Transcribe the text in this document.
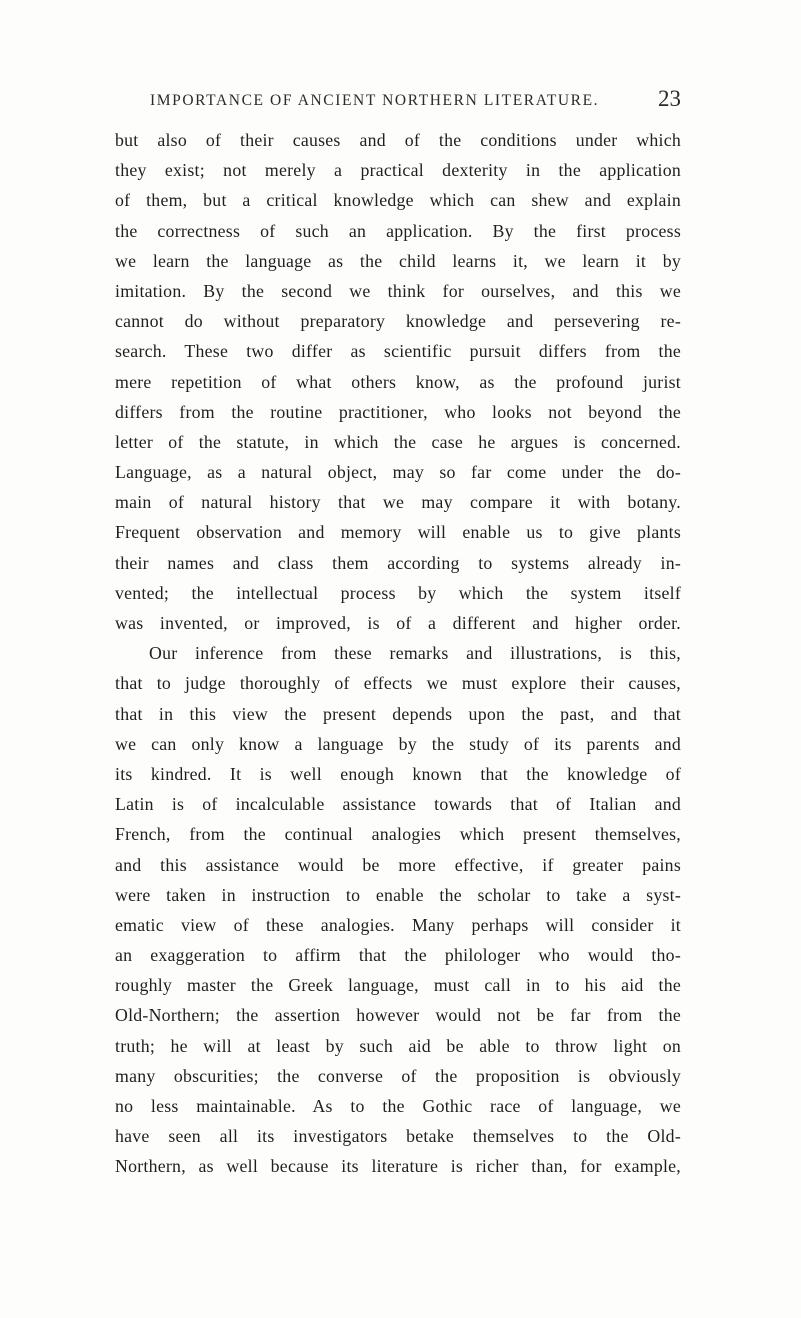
IMPORTANCE OF ANCIENT NORTHERN LITERATURE.	23
but also of their causes and of the conditions under which
they exist; not merely a practical dexterity in the application
of them, but a critical knowledge which can shew and explain
the correctness of such an application. By the first process
we learn the language as the child learns it, we learn it by
imitation. By the second we think for ourselves, and this we
cannot do without preparatory knowledge and persevering re-
search. These two differ as scientific pursuit differs from the
mere repetition of what others know, as the profound jurist
differs from the routine practitioner, who looks not beyond the
letter of the statute, in which the case he argues is concerned.
Language, as a natural object, may so far come under the do-
main of natural history that we may compare it with botany.
Frequent observation and memory will enable us to give plants
their names and class them according to systems already in-
vented; the intellectual process by which the system itself
was invented, or improved, is of a different and higher order.
Our inference from these remarks and illustrations, is this,
that to judge thoroughly of effects we must explore their causes,
that in this view the present depends upon the past, and that
we can only know a language by the study of its parents and
its kindred. It is well enough known that the knowledge of
Latin is of incalculable assistance towards that of Italian and
French, from the continual analogies which present themselves,
and this assistance would be more effective, if greater pains
were taken in instruction to enable the scholar to take a syst-
ematic view of these analogies. Many perhaps will consider it
an exaggeration to affirm that the philologer who would tho-
roughly master the Greek language, must call in to his aid the
Old-Northern; the assertion however would not be far from the
truth; he will at least by such aid be able to throw light on
many obscurities; the converse of the proposition is obviously
no less maintainable. As to the Gothic race of language, we
have seen all its investigators betake themselves to the Old-
Northern, as well because its literature is richer than, for example,
